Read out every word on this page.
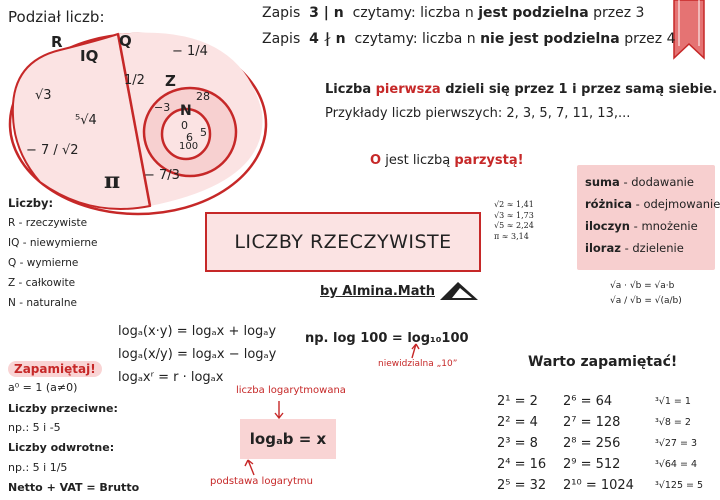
Podział liczb:
R
IQ
Q
Z
N
√3
⁵√4
− 7 / √2
π
1/2
− 1/4
− 7/3
−3
28
0
5
6
100
Zapis 3 | n czytamy: liczba n jest podzielna przez 3
Zapis 4 ∤ n czytamy: liczba n nie jest podzielna przez 4
Liczba pierwsza dzieli się przez 1 i przez samą siebie.
Przykłady liczb pierwszych: 2, 3, 5, 7, 11, 13,...
O jest liczbą parzystą!
Liczby:
R - rzeczywiste
IQ - niewymierne
Q - wymierne
Z - całkowite
N - naturalne
LICZBY RZECZYWISTE
by Almina.Math
√2 ≈ 1,41
√3 ≈ 1,73
√5 ≈ 2,24
π ≈ 3,14
suma - dodawanie
różnica - odejmowanie
iloczyn - mnożenie
iloraz - dzielenie
√a · √b = √a·b
√a / √b = √(a/b)
logₐ(x·y) = logₐx + logₐy
logₐ(x/y) = logₐx − logₐy
logₐxʳ = r · logₐx
np. log 100 = log₁₀100
niewidzialna „10”
liczba logarytmowana
logₐb = x
podstawa logarytmu
Zapamiętaj!
a⁰ = 1 (a≠0)
Liczby przeciwne:
np.: 5 i -5
Liczby odwrotne:
np.: 5 i 1/5
Netto + VAT = Brutto
Warto zapamiętać!
2¹ = 2
2² = 4
2³ = 8
2⁴ = 16
2⁵ = 32
2⁶ = 64
2⁷ = 128
2⁸ = 256
2⁹ = 512
2¹⁰ = 1024
³√1 = 1
³√8 = 2
³√27 = 3
³√64 = 4
³√125 = 5
